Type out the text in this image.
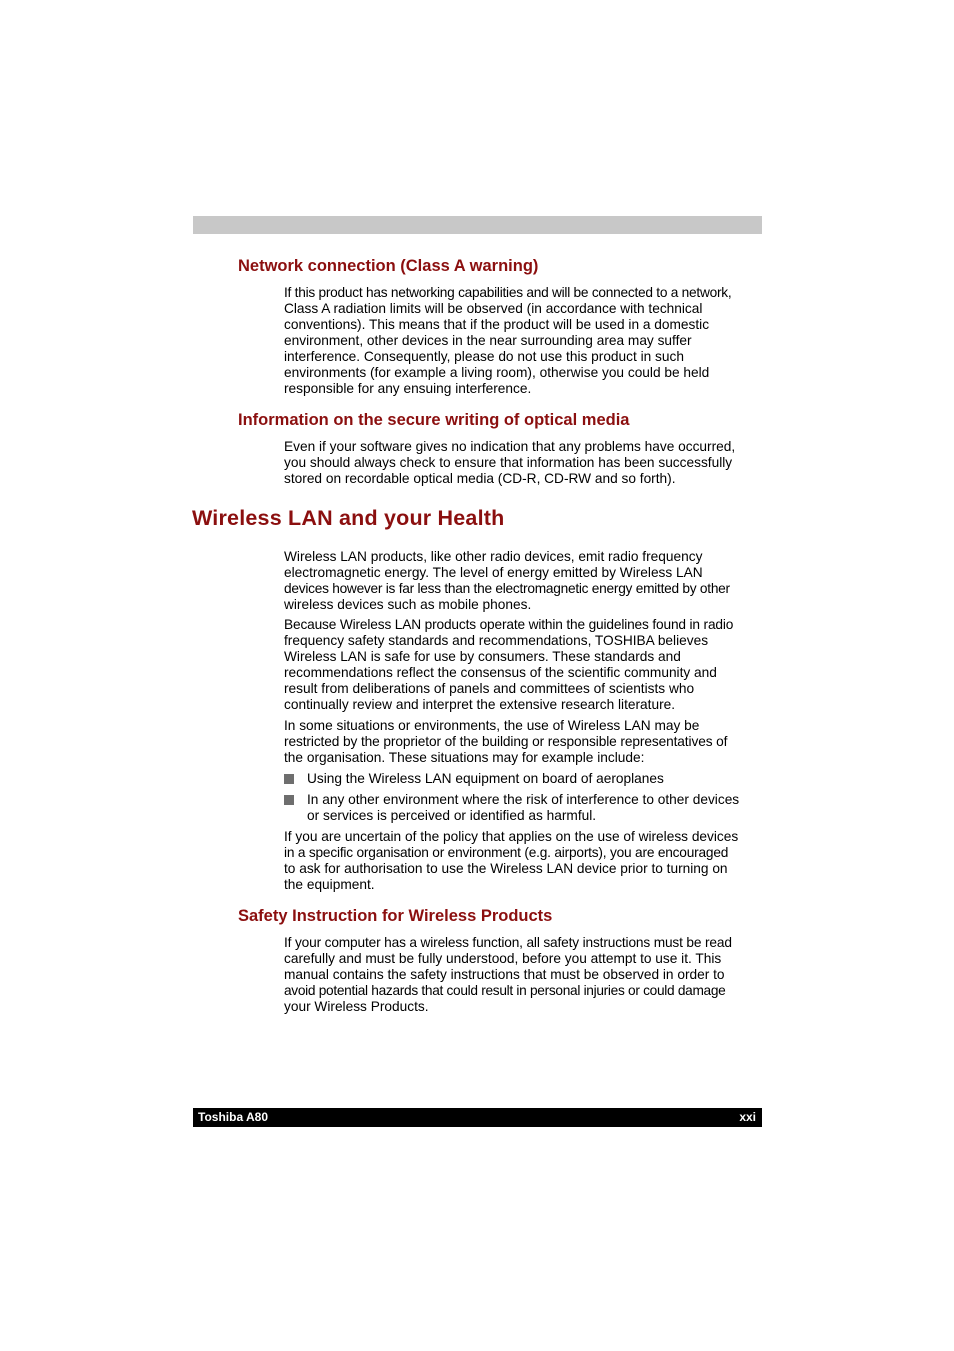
Network connection (Class A warning)
If this product has networking capabilities and will be connected to a network,
Class A radiation limits will be observed (in accordance with technical
conventions). This means that if the product will be used in a domestic
environment, other devices in the near surrounding area may suffer
interference. Consequently, please do not use this product in such
environments (for example a living room), otherwise you could be held
responsible for any ensuing interference.
Information on the secure writing of optical media
Even if your software gives no indication that any problems have occurred,
you should always check to ensure that information has been successfully
stored on recordable optical media (CD-R, CD-RW and so forth).
Wireless LAN and your Health
Wireless LAN products, like other radio devices, emit radio frequency
electromagnetic energy. The level of energy emitted by Wireless LAN
devices however is far less than the electromagnetic energy emitted by other
wireless devices such as mobile phones.
Because Wireless LAN products operate within the guidelines found in radio
frequency safety standards and recommendations, TOSHIBA believes
Wireless LAN is safe for use by consumers. These standards and
recommendations reflect the consensus of the scientific community and
result from deliberations of panels and committees of scientists who
continually review and interpret the extensive research literature.
In some situations or environments, the use of Wireless LAN may be
restricted by the proprietor of the building or responsible representatives of
the organisation. These situations may for example include:
Using the Wireless LAN equipment on board of aeroplanes
In any other environment where the risk of interference to other devices
or services is perceived or identified as harmful.
If you are uncertain of the policy that applies on the use of wireless devices
in a specific organisation or environment (e.g. airports), you are encouraged
to ask for authorisation to use the Wireless LAN device prior to turning on
the equipment.
Safety Instruction for Wireless Products
If your computer has a wireless function, all safety instructions must be read
carefully and must be fully understood, before you attempt to use it. This
manual contains the safety instructions that must be observed in order to
avoid potential hazards that could result in personal injuries or could damage
your Wireless Products.
Toshiba A80	xxi
